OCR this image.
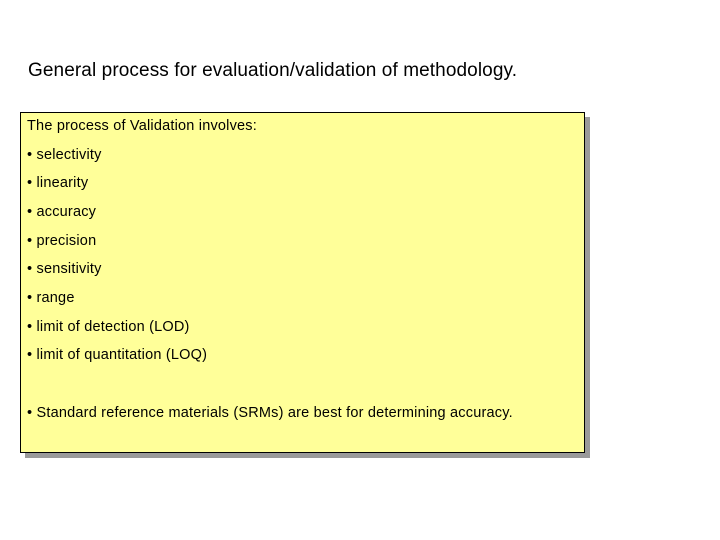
General process for evaluation/validation of methodology.
The process of Validation involves:
• selectivity
• linearity
• accuracy
• precision
• sensitivity
• range
• limit of detection (LOD)
• limit of quantitation (LOQ)
• Standard reference materials (SRMs) are best for determining accuracy.
